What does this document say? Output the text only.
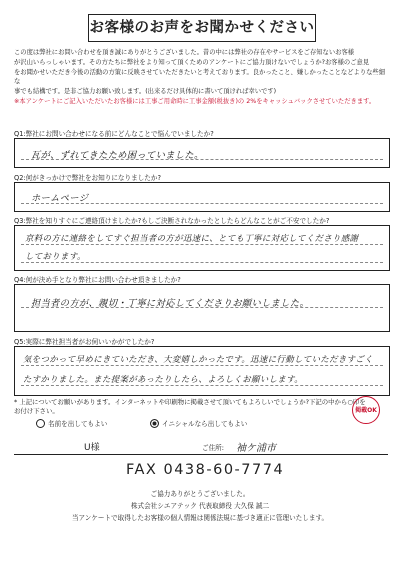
お客様のお声をお聞かせください

この度は弊社にお問い合わせを頂き誠にありがとうございました。昔の中には弊社の存在やサービスをご存知ないお客様

が沢山いらっしゃいます。その方たちに弊社をより知って頂くためのアンケートにご協力頂けないでしょうか?お客様のご意見

をお聞かせいただき今後の活動の方策に反映させていただきたいと考えております。良かったこと、嫌しかったことなどよりな些細な

事でも結構です。是非ご協力お願い致します。(出来るだけ具体的に書いて頂ければ幸いです)

※本アンケートにご記入いただいたお客様には工事ご用命時に工事金額(税抜き)の 2%をキャッシュバックさせていただきます。

Q1:弊社にお問い合わせになる前にどんなことで悩んでいましたか?
瓦が、ずれてきたため困っていました。
Q2:何がきっかけで弊社をお知りになりましたか?
ホームページ
Q3:弊社を知りすぐにご連絡頂けましたか?もしご決断されなかったとしたらどんなことがご不安でしたか?
京料の方に連絡をしてすぐ担当者の方が迅速に、とても丁寧に対応してくださり感謝
しております。
Q4:何が決め手となり弊社にお問い合わせ頂きましたか?
担当者の方が、親切・丁寧に対応してくださりお願いしました。
Q5:実際に弊社担当者がお伺いいかがでしたか?
気をつかって早めにきていただき、大変嬉しかったです。迅速に行動していただきすごく
たすかりました。また提案があったりしたら、よろしくお願いします。
* 上記についてお願いがあります。インターネットや印刷物に掲載させて頂いてもよろしいでしょうか?下記の中から○印を
お付け下さい。
名前を出してもよい	イニシャルなら出してもよい
掲載OK
U様	ご住所: 袖ケ浦市
FAX 0438-60-7774
ご協力ありがとうございました。
株式会社シエアテック 代表取締役 大久保 誠二
当アンケートで取得したお客様の個人情報は関係法規に基づき適正に管理いたします。
